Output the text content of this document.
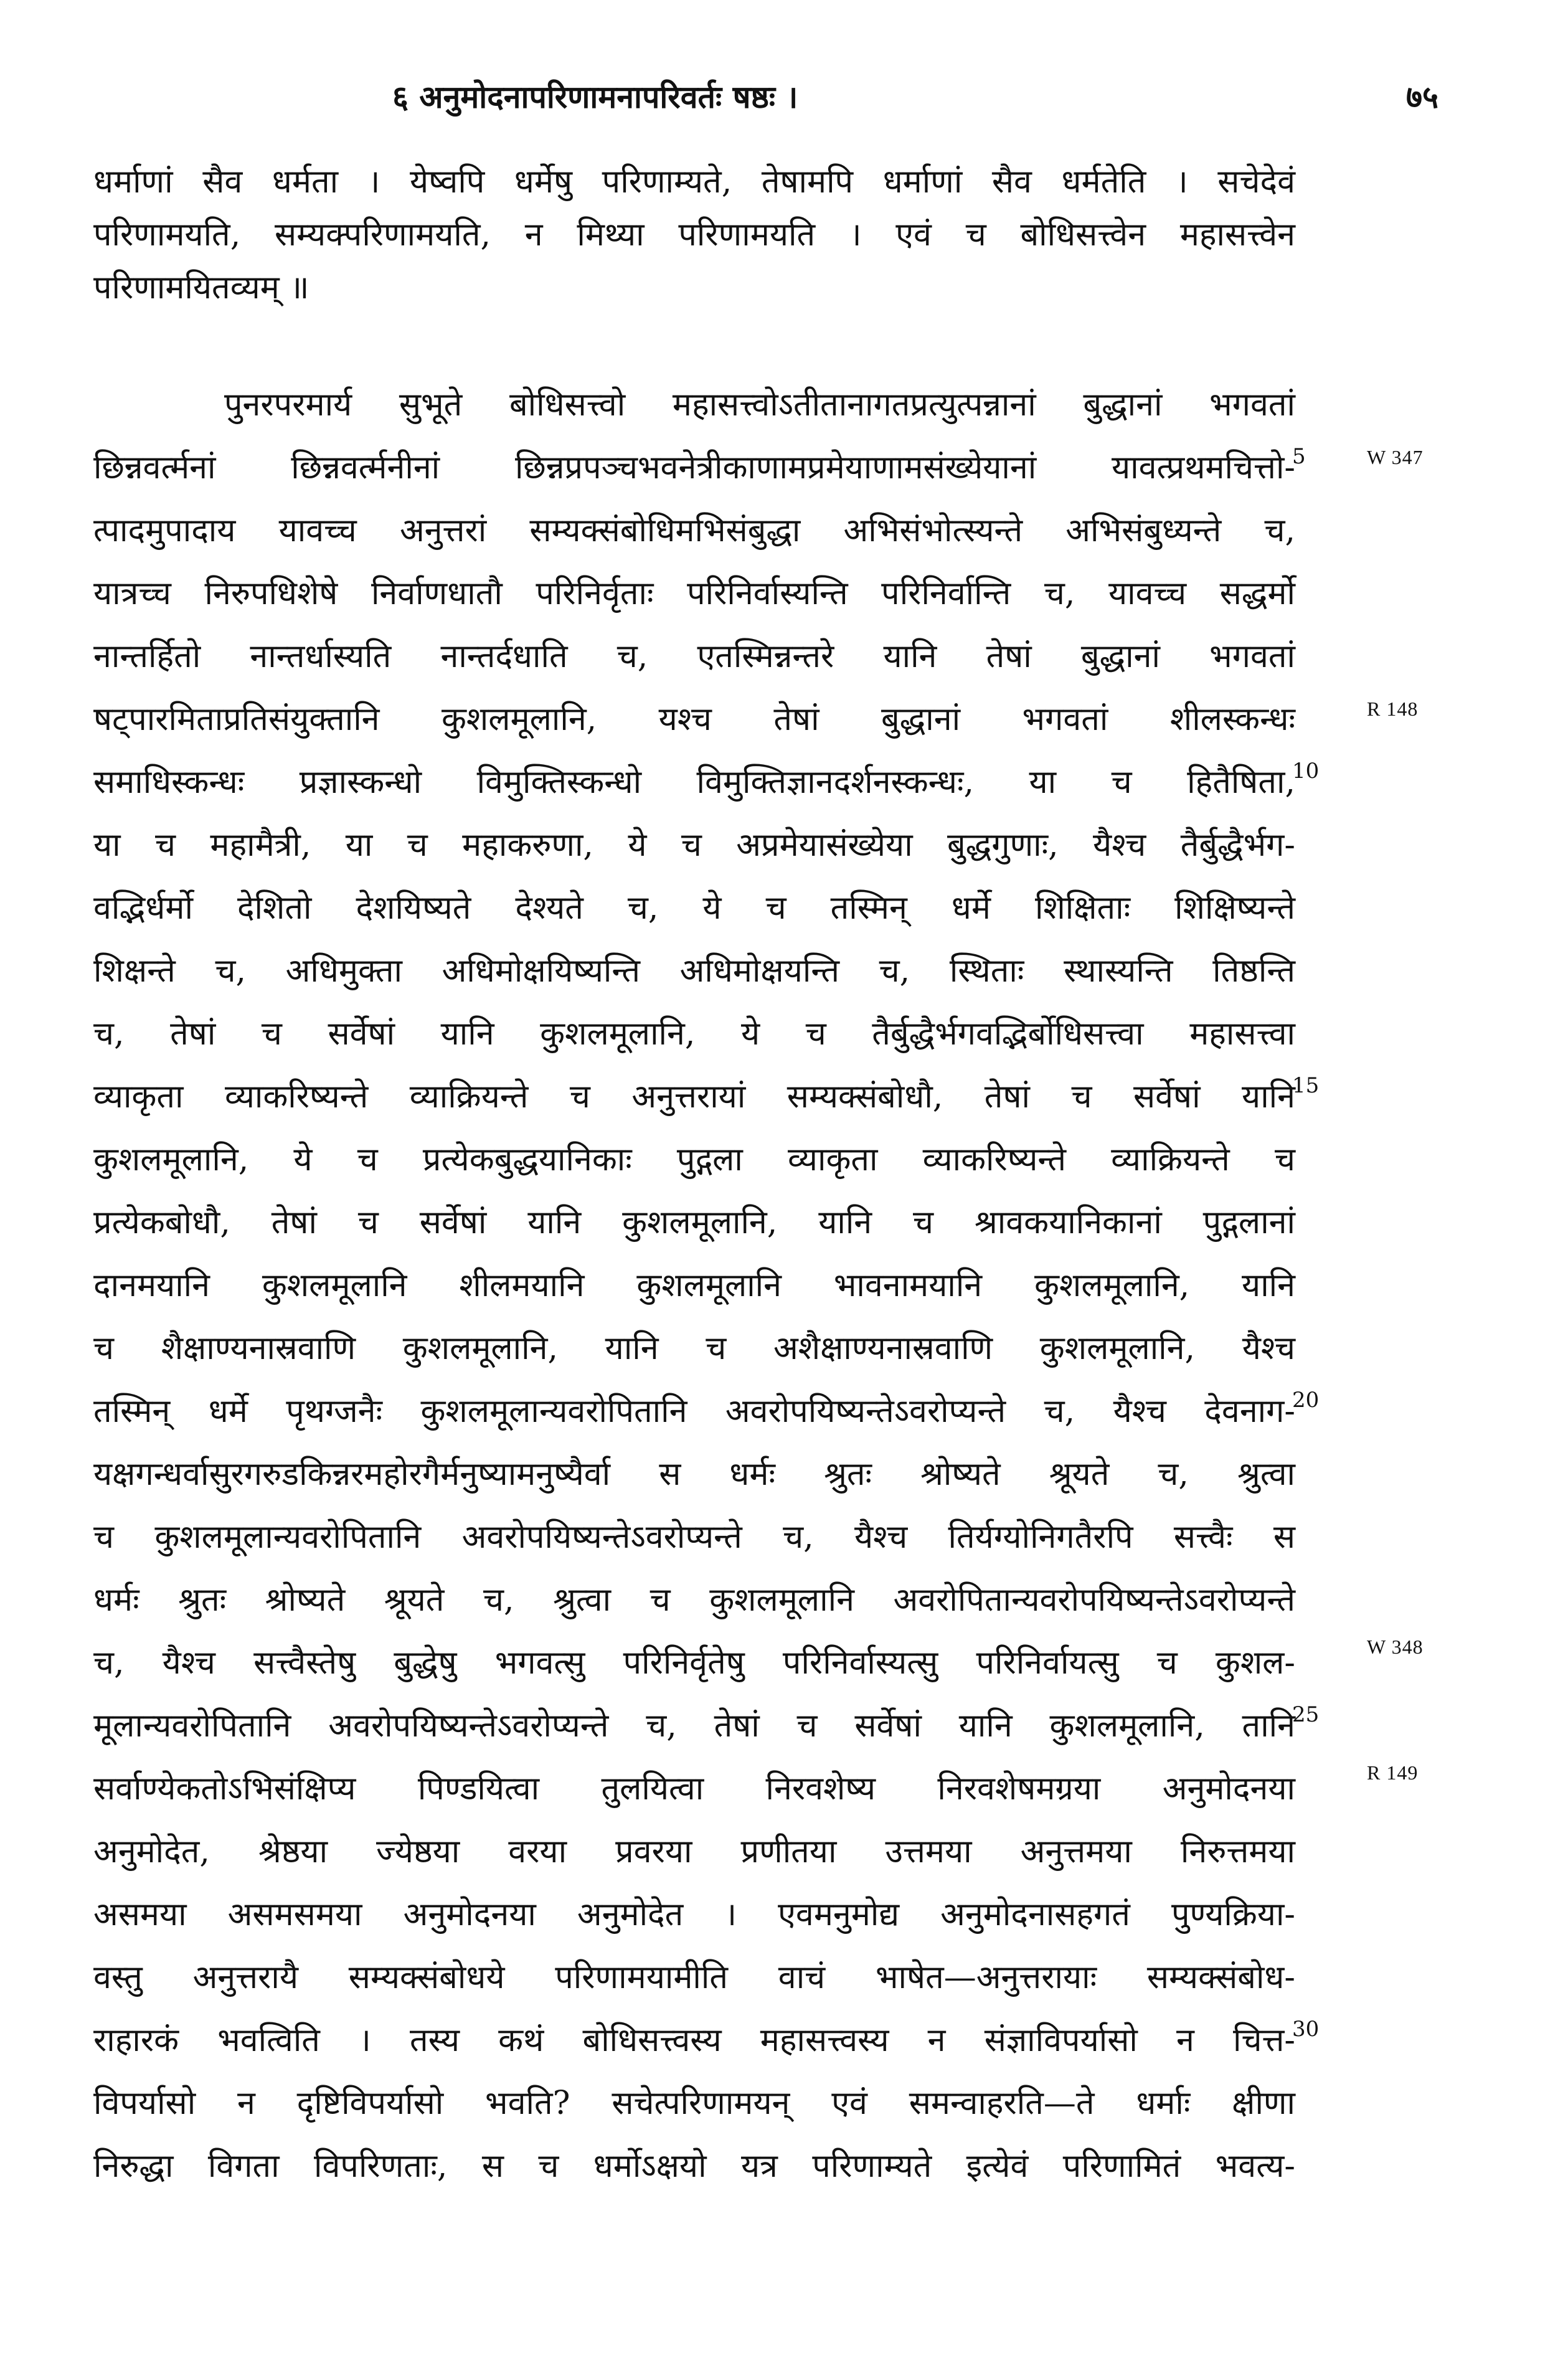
६ अनुमोदनापरिणामनापरिवर्तः षष्ठः ।	७५
धर्माणां सैव धर्मता । येष्वपि धर्मेषु परिणाम्यते, तेषामपि धर्माणां सैव धर्मतेति । सचेदेवं
परिणामयति, सम्यक्परिणामयति, न मिथ्या परिणामयति । एवं च बोधिसत्त्वेन महासत्त्वेन
परिणामयितव्यम् ॥
पुनरपरमार्य सुभूते बोधिसत्त्वो महासत्त्वोऽतीतानागतप्रत्युत्पन्नानां बुद्धानां भगवतां
छिन्नवर्त्मनां छिन्नवर्त्मनीनां छिन्नप्रपञ्चभवनेत्रीकाणामप्रमेयाणामसंख्येयानां यावत्प्रथमचित्तो-
त्पादमुपादाय यावच्च अनुत्तरां सम्यक्संबोधिमभिसंबुद्धा अभिसंभोत्स्यन्ते अभिसंबुध्यन्ते च,
यात्रच्च निरुपधिशेषे निर्वाणधातौ परिनिर्वृताः परिनिर्वास्यन्ति परिनिर्वान्ति च, यावच्च सद्धर्मो
नान्तर्हितो नान्तर्धास्यति नान्तर्दधाति च, एतस्मिन्नन्तरे यानि तेषां बुद्धानां भगवतां
षट्पारमिताप्रतिसंयुक्तानि कुशलमूलानि, यश्च तेषां बुद्धानां भगवतां शीलस्कन्धः
समाधिस्कन्धः प्रज्ञास्कन्धो विमुक्तिस्कन्धो विमुक्तिज्ञानदर्शनस्कन्धः, या च हितैषिता,
या च महामैत्री, या च महाकरुणा, ये च अप्रमेयासंख्येया बुद्धगुणाः, यैश्च तैर्बुद्धैर्भग-
वद्भिर्धर्मो देशितो देशयिष्यते देश्यते च, ये च तस्मिन् धर्मे शिक्षिताः शिक्षिष्यन्ते
शिक्षन्ते च, अधिमुक्ता अधिमोक्षयिष्यन्ति अधिमोक्षयन्ति च, स्थिताः स्थास्यन्ति तिष्ठन्ति
च, तेषां च सर्वेषां यानि कुशलमूलानि, ये च तैर्बुद्धैर्भगवद्भिर्बोधिसत्त्वा महासत्त्वा
व्याकृता व्याकरिष्यन्ते व्याक्रियन्ते च अनुत्तरायां सम्यक्संबोधौ, तेषां च सर्वेषां यानि
कुशलमूलानि, ये च प्रत्येकबुद्धयानिकाः पुद्गला व्याकृता व्याकरिष्यन्ते व्याक्रियन्ते च
प्रत्येकबोधौ, तेषां च सर्वेषां यानि कुशलमूलानि, यानि च श्रावकयानिकानां पुद्गलानां
दानमयानि कुशलमूलानि शीलमयानि कुशलमूलानि भावनामयानि कुशलमूलानि, यानि
च शैक्षाण्यनास्रवाणि कुशलमूलानि, यानि च अशैक्षाण्यनास्रवाणि कुशलमूलानि, यैश्च
तस्मिन् धर्मे पृथग्जनैः कुशलमूलान्यवरोपितानि अवरोपयिष्यन्तेऽवरोप्यन्ते च, यैश्च देवनाग-
यक्षगन्धर्वासुरगरुडकिन्नरमहोरगैर्मनुष्यामनुष्यैर्वा स धर्मः श्रुतः श्रोष्यते श्रूयते च, श्रुत्वा
च कुशलमूलान्यवरोपितानि अवरोपयिष्यन्तेऽवरोप्यन्ते च, यैश्च तिर्यग्योनिगतैरपि सत्त्वैः स
धर्मः श्रुतः श्रोष्यते श्रूयते च, श्रुत्वा च कुशलमूलानि अवरोपितान्यवरोपयिष्यन्तेऽवरोप्यन्ते
च, यैश्च सत्त्वैस्तेषु बुद्धेषु भगवत्सु परिनिर्वृतेषु परिनिर्वास्यत्सु परिनिर्वायत्सु च कुशल-
मूलान्यवरोपितानि अवरोपयिष्यन्तेऽवरोप्यन्ते च, तेषां च सर्वेषां यानि कुशलमूलानि, तानि
सर्वाण्येकतोऽभिसंक्षिप्य पिण्डयित्वा तुलयित्वा निरवशेष्य निरवशेषमग्रया अनुमोदनया
अनुमोदेत, श्रेष्ठया ज्येष्ठया वरया प्रवरया प्रणीतया उत्तमया अनुत्तमया निरुत्तमया
असमया असमसमया अनुमोदनया अनुमोदेत । एवमनुमोद्य अनुमोदनासहगतं पुण्यक्रिया-
वस्तु अनुत्तरायै सम्यक्संबोधये परिणामयामीति वाचं भाषेत—अनुत्तरायाः सम्यक्संबोध-
राहारकं भवत्विति । तस्य कथं बोधिसत्त्वस्य महासत्त्वस्य न संज्ञाविपर्यासो न चित्त-
विपर्यासो न दृष्टिविपर्यासो भवति? सचेत्परिणामयन् एवं समन्वाहरति—ते धर्माः क्षीणा
निरुद्धा विगता विपरिणताः, स च धर्मोऽक्षयो यत्र परिणाम्यते इत्येवं परिणामितं भवत्य-
5
10
15
20
25
30
W 347
R 148
W 348
R 149
